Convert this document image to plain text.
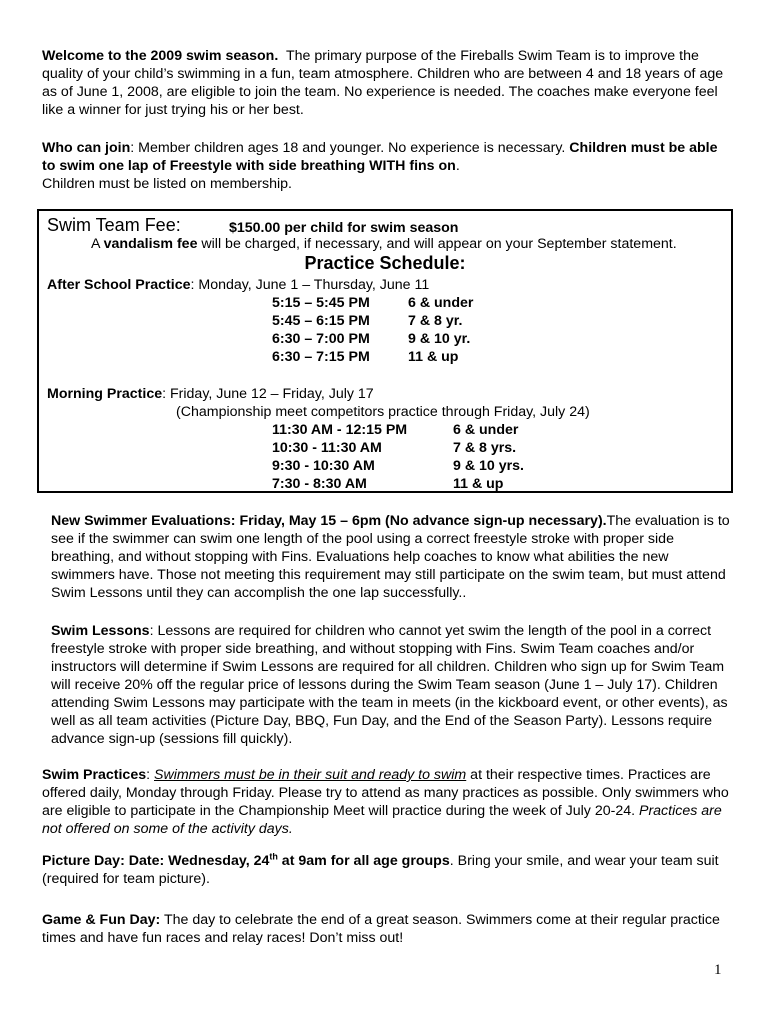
Welcome to the 2009 swim season. The primary purpose of the Fireballs Swim Team is to improve the quality of your child’s swimming in a fun, team atmosphere. Children who are between 4 and 18 years of age as of June 1, 2008, are eligible to join the team. No experience is needed. The coaches make everyone feel like a winner for just trying his or her best.

Who can join: Member children ages 18 and younger. No experience is necessary. Children must be able to swim one lap of Freestyle with side breathing WITH fins on.
Children must be listed on membership.

Swim Team Fee:	$150.00 per child for swim season

A vandalism fee will be charged, if necessary, and will appear on your September statement.

Practice Schedule:
After School Practice: Monday, June 1 – Thursday, June 11
5:15 – 5:45 PM	6 & under
5:45 – 6:15 PM	7 & 8 yr.
6:30 – 7:00 PM	9 & 10 yr.
6:30 – 7:15 PM	11 & up
Morning Practice: Friday, June 12 – Friday, July 17
(Championship meet competitors practice through Friday, July 24)
11:30 AM - 12:15 PM	6 & under
10:30 - 11:30 AM	7 & 8 yrs.
9:30 - 10:30 AM	9 & 10 yrs.
7:30 - 8:30 AM	11 & up

New Swimmer Evaluations: Friday, May 15 – 6pm (No advance sign-up necessary).The evaluation is to see if the swimmer can swim one length of the pool using a correct freestyle stroke with proper side breathing, and without stopping with Fins. Evaluations help coaches to know what abilities the new swimmers have. Those not meeting this requirement may still participate on the swim team, but must attend Swim Lessons until they can accomplish the one lap successfully..

Swim Lessons: Lessons are required for children who cannot yet swim the length of the pool in a correct freestyle stroke with proper side breathing, and without stopping with Fins. Swim Team coaches and/or instructors will determine if Swim Lessons are required for all children. Children who sign up for Swim Team will receive 20% off the regular price of lessons during the Swim Team season (June 1 – July 17). Children attending Swim Lessons may participate with the team in meets (in the kickboard event, or other events), as well as all team activities (Picture Day, BBQ, Fun Day, and the End of the Season Party). Lessons require advance sign-up (sessions fill quickly).

Swim Practices: Swimmers must be in their suit and ready to swim at their respective times. Practices are offered daily, Monday through Friday. Please try to attend as many practices as possible. Only swimmers who are eligible to participate in the Championship Meet will practice during the week of July 20-24. Practices are not offered on some of the activity days.

Picture Day: Date: Wednesday, 24th at 9am for all age groups. Bring your smile, and wear your team suit (required for team picture).

Game & Fun Day: The day to celebrate the end of a great season. Swimmers come at their regular practice times and have fun races and relay races! Don’t miss out!

1
